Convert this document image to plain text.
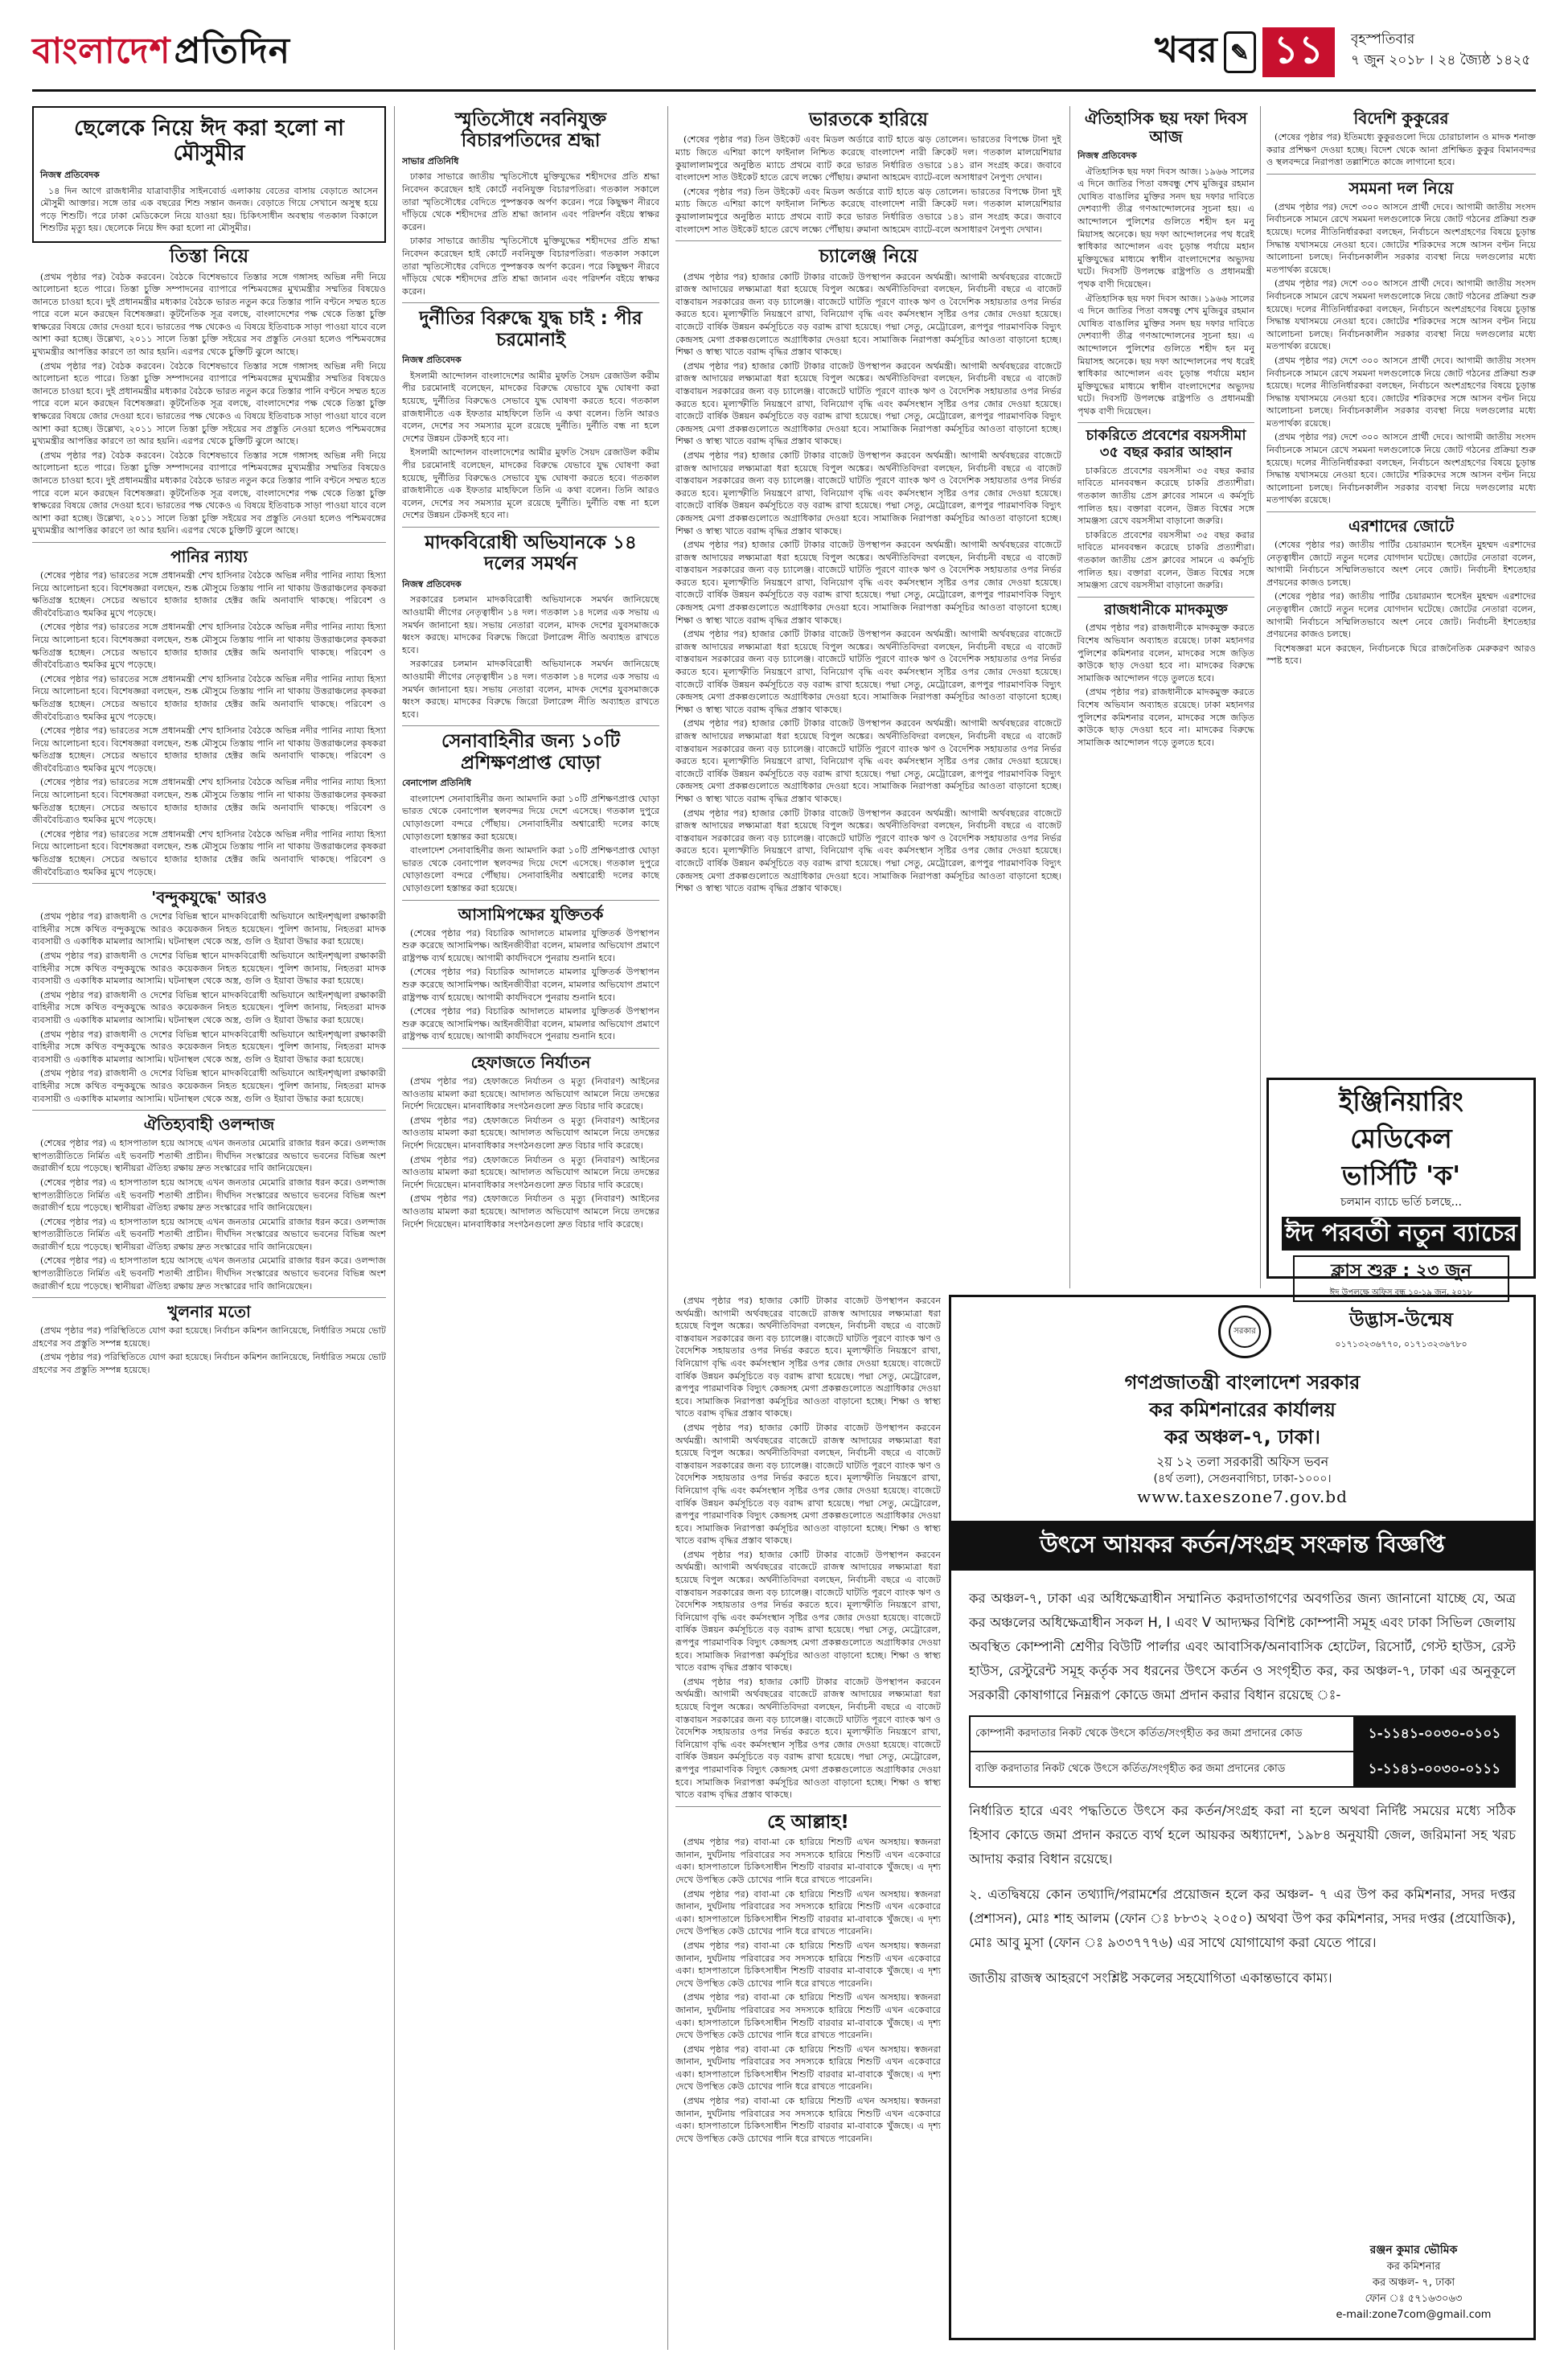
বাংলাদেশপ্রতিদিন	খবর ✎ ১১	বৃহস্পতিবার
৭ জুন ২০১৮ । ২৪ জ্যৈষ্ঠ ১৪২৫
ছেলেকে নিয়ে ঈদ করা হলো না মৌসুমীর
নিজস্ব প্রতিবেদক

১৪ দিন আগে রাজধানীর যাত্রাবাড়ীর সাইনবোর্ড এলাকায় বেতের বাসায় বেড়াতে আসেন মৌসুমী আক্তার। সঙ্গে তার এক বছরের শিশু সন্তান জনজ। বেড়াতে গিয়ে সেখানে অসুস্থ হয়ে পড়ে শিশুটি। পরে ঢাকা মেডিকেলে নিয়ে যাওয়া হয়। চিকিৎসাধীন অবস্থায় গতকাল বিকালে শিশুটির মৃত্যু হয়। ছেলেকে নিয়ে ঈদ করা হলো না মৌসুমীর।

তিস্তা নিয়ে

(প্রথম পৃষ্ঠার পর) বৈঠক করবেন। বৈঠকে বিশেষভাবে তিস্তার সঙ্গে গঙ্গাসহ অভিন্ন নদী নিয়ে আলোচনা হতে পারে। তিস্তা চুক্তি সম্পাদনের ব্যাপারে পশ্চিমবঙ্গের মুখ্যমন্ত্রীর সম্মতির বিষয়েও জানতে চাওয়া হবে। দুই প্রধানমন্ত্রীর মধ্যকার বৈঠকে ভারত নতুন করে তিস্তার পানি বণ্টনে সম্মত হতে পারে বলে মনে করছেন বিশেষজ্ঞরা। কূটনৈতিক সূত্র বলছে, বাংলাদেশের পক্ষ থেকে তিস্তা চুক্তি স্বাক্ষরের বিষয়ে জোর দেওয়া হবে। ভারতের পক্ষ থেকেও এ বিষয়ে ইতিবাচক সাড়া পাওয়া যাবে বলে আশা করা হচ্ছে। উল্লেখ্য, ২০১১ সালে তিস্তা চুক্তি সইয়ের সব প্রস্তুতি নেওয়া হলেও পশ্চিমবঙ্গের মুখ্যমন্ত্রীর আপত্তির কারণে তা আর হয়নি। এরপর থেকে চুক্তিটি ঝুলে আছে।

(প্রথম পৃষ্ঠার পর) বৈঠক করবেন। বৈঠকে বিশেষভাবে তিস্তার সঙ্গে গঙ্গাসহ অভিন্ন নদী নিয়ে আলোচনা হতে পারে। তিস্তা চুক্তি সম্পাদনের ব্যাপারে পশ্চিমবঙ্গের মুখ্যমন্ত্রীর সম্মতির বিষয়েও জানতে চাওয়া হবে। দুই প্রধানমন্ত্রীর মধ্যকার বৈঠকে ভারত নতুন করে তিস্তার পানি বণ্টনে সম্মত হতে পারে বলে মনে করছেন বিশেষজ্ঞরা। কূটনৈতিক সূত্র বলছে, বাংলাদেশের পক্ষ থেকে তিস্তা চুক্তি স্বাক্ষরের বিষয়ে জোর দেওয়া হবে। ভারতের পক্ষ থেকেও এ বিষয়ে ইতিবাচক সাড়া পাওয়া যাবে বলে আশা করা হচ্ছে। উল্লেখ্য, ২০১১ সালে তিস্তা চুক্তি সইয়ের সব প্রস্তুতি নেওয়া হলেও পশ্চিমবঙ্গের মুখ্যমন্ত্রীর আপত্তির কারণে তা আর হয়নি। এরপর থেকে চুক্তিটি ঝুলে আছে।

(প্রথম পৃষ্ঠার পর) বৈঠক করবেন। বৈঠকে বিশেষভাবে তিস্তার সঙ্গে গঙ্গাসহ অভিন্ন নদী নিয়ে আলোচনা হতে পারে। তিস্তা চুক্তি সম্পাদনের ব্যাপারে পশ্চিমবঙ্গের মুখ্যমন্ত্রীর সম্মতির বিষয়েও জানতে চাওয়া হবে। দুই প্রধানমন্ত্রীর মধ্যকার বৈঠকে ভারত নতুন করে তিস্তার পানি বণ্টনে সম্মত হতে পারে বলে মনে করছেন বিশেষজ্ঞরা। কূটনৈতিক সূত্র বলছে, বাংলাদেশের পক্ষ থেকে তিস্তা চুক্তি স্বাক্ষরের বিষয়ে জোর দেওয়া হবে। ভারতের পক্ষ থেকেও এ বিষয়ে ইতিবাচক সাড়া পাওয়া যাবে বলে আশা করা হচ্ছে। উল্লেখ্য, ২০১১ সালে তিস্তা চুক্তি সইয়ের সব প্রস্তুতি নেওয়া হলেও পশ্চিমবঙ্গের মুখ্যমন্ত্রীর আপত্তির কারণে তা আর হয়নি। এরপর থেকে চুক্তিটি ঝুলে আছে।

পানির ন্যায্য

(শেষের পৃষ্ঠার পর) ভারতের সঙ্গে প্রধানমন্ত্রী শেখ হাসিনার বৈঠকে অভিন্ন নদীর পানির ন্যায্য হিস্যা নিয়ে আলোচনা হবে। বিশেষজ্ঞরা বলছেন, শুষ্ক মৌসুমে তিস্তায় পানি না থাকায় উত্তরাঞ্চলের কৃষকরা ক্ষতিগ্রস্ত হচ্ছেন। সেচের অভাবে হাজার হাজার হেক্টর জমি অনাবাদি থাকছে। পরিবেশ ও জীববৈচিত্র্যও হুমকির মুখে পড়েছে।

(শেষের পৃষ্ঠার পর) ভারতের সঙ্গে প্রধানমন্ত্রী শেখ হাসিনার বৈঠকে অভিন্ন নদীর পানির ন্যায্য হিস্যা নিয়ে আলোচনা হবে। বিশেষজ্ঞরা বলছেন, শুষ্ক মৌসুমে তিস্তায় পানি না থাকায় উত্তরাঞ্চলের কৃষকরা ক্ষতিগ্রস্ত হচ্ছেন। সেচের অভাবে হাজার হাজার হেক্টর জমি অনাবাদি থাকছে। পরিবেশ ও জীববৈচিত্র্যও হুমকির মুখে পড়েছে।

(শেষের পৃষ্ঠার পর) ভারতের সঙ্গে প্রধানমন্ত্রী শেখ হাসিনার বৈঠকে অভিন্ন নদীর পানির ন্যায্য হিস্যা নিয়ে আলোচনা হবে। বিশেষজ্ঞরা বলছেন, শুষ্ক মৌসুমে তিস্তায় পানি না থাকায় উত্তরাঞ্চলের কৃষকরা ক্ষতিগ্রস্ত হচ্ছেন। সেচের অভাবে হাজার হাজার হেক্টর জমি অনাবাদি থাকছে। পরিবেশ ও জীববৈচিত্র্যও হুমকির মুখে পড়েছে।

(শেষের পৃষ্ঠার পর) ভারতের সঙ্গে প্রধানমন্ত্রী শেখ হাসিনার বৈঠকে অভিন্ন নদীর পানির ন্যায্য হিস্যা নিয়ে আলোচনা হবে। বিশেষজ্ঞরা বলছেন, শুষ্ক মৌসুমে তিস্তায় পানি না থাকায় উত্তরাঞ্চলের কৃষকরা ক্ষতিগ্রস্ত হচ্ছেন। সেচের অভাবে হাজার হাজার হেক্টর জমি অনাবাদি থাকছে। পরিবেশ ও জীববৈচিত্র্যও হুমকির মুখে পড়েছে।

(শেষের পৃষ্ঠার পর) ভারতের সঙ্গে প্রধানমন্ত্রী শেখ হাসিনার বৈঠকে অভিন্ন নদীর পানির ন্যায্য হিস্যা নিয়ে আলোচনা হবে। বিশেষজ্ঞরা বলছেন, শুষ্ক মৌসুমে তিস্তায় পানি না থাকায় উত্তরাঞ্চলের কৃষকরা ক্ষতিগ্রস্ত হচ্ছেন। সেচের অভাবে হাজার হাজার হেক্টর জমি অনাবাদি থাকছে। পরিবেশ ও জীববৈচিত্র্যও হুমকির মুখে পড়েছে।

(শেষের পৃষ্ঠার পর) ভারতের সঙ্গে প্রধানমন্ত্রী শেখ হাসিনার বৈঠকে অভিন্ন নদীর পানির ন্যায্য হিস্যা নিয়ে আলোচনা হবে। বিশেষজ্ঞরা বলছেন, শুষ্ক মৌসুমে তিস্তায় পানি না থাকায় উত্তরাঞ্চলের কৃষকরা ক্ষতিগ্রস্ত হচ্ছেন। সেচের অভাবে হাজার হাজার হেক্টর জমি অনাবাদি থাকছে। পরিবেশ ও জীববৈচিত্র্যও হুমকির মুখে পড়েছে।

'বন্দুকযুদ্ধে' আরও

(প্রথম পৃষ্ঠার পর) রাজধানী ও দেশের বিভিন্ন স্থানে মাদকবিরোধী অভিযানে আইনশৃঙ্খলা রক্ষাকারী বাহিনীর সঙ্গে কথিত বন্দুকযুদ্ধে আরও কয়েকজন নিহত হয়েছেন। পুলিশ জানায়, নিহতরা মাদক ব্যবসায়ী ও একাধিক মামলার আসামি। ঘটনাস্থল থেকে অস্ত্র, গুলি ও ইয়াবা উদ্ধার করা হয়েছে।

(প্রথম পৃষ্ঠার পর) রাজধানী ও দেশের বিভিন্ন স্থানে মাদকবিরোধী অভিযানে আইনশৃঙ্খলা রক্ষাকারী বাহিনীর সঙ্গে কথিত বন্দুকযুদ্ধে আরও কয়েকজন নিহত হয়েছেন। পুলিশ জানায়, নিহতরা মাদক ব্যবসায়ী ও একাধিক মামলার আসামি। ঘটনাস্থল থেকে অস্ত্র, গুলি ও ইয়াবা উদ্ধার করা হয়েছে।

(প্রথম পৃষ্ঠার পর) রাজধানী ও দেশের বিভিন্ন স্থানে মাদকবিরোধী অভিযানে আইনশৃঙ্খলা রক্ষাকারী বাহিনীর সঙ্গে কথিত বন্দুকযুদ্ধে আরও কয়েকজন নিহত হয়েছেন। পুলিশ জানায়, নিহতরা মাদক ব্যবসায়ী ও একাধিক মামলার আসামি। ঘটনাস্থল থেকে অস্ত্র, গুলি ও ইয়াবা উদ্ধার করা হয়েছে।

(প্রথম পৃষ্ঠার পর) রাজধানী ও দেশের বিভিন্ন স্থানে মাদকবিরোধী অভিযানে আইনশৃঙ্খলা রক্ষাকারী বাহিনীর সঙ্গে কথিত বন্দুকযুদ্ধে আরও কয়েকজন নিহত হয়েছেন। পুলিশ জানায়, নিহতরা মাদক ব্যবসায়ী ও একাধিক মামলার আসামি। ঘটনাস্থল থেকে অস্ত্র, গুলি ও ইয়াবা উদ্ধার করা হয়েছে।

(প্রথম পৃষ্ঠার পর) রাজধানী ও দেশের বিভিন্ন স্থানে মাদকবিরোধী অভিযানে আইনশৃঙ্খলা রক্ষাকারী বাহিনীর সঙ্গে কথিত বন্দুকযুদ্ধে আরও কয়েকজন নিহত হয়েছেন। পুলিশ জানায়, নিহতরা মাদক ব্যবসায়ী ও একাধিক মামলার আসামি। ঘটনাস্থল থেকে অস্ত্র, গুলি ও ইয়াবা উদ্ধার করা হয়েছে।

ঐতিহ্যবাহী ওলন্দাজ

(শেষের পৃষ্ঠার পর) এ হাসপাতাল হয়ে আসছে এখন জনতার মেমোরি রাজার ধরন করে। ওলন্দাজ স্থাপত্যরীতিতে নির্মিত এই ভবনটি শতাব্দী প্রাচীন। দীর্ঘদিন সংস্কারের অভাবে ভবনের বিভিন্ন অংশ জরাজীর্ণ হয়ে পড়েছে। স্থানীয়রা ঐতিহ্য রক্ষায় দ্রুত সংস্কারের দাবি জানিয়েছেন।

(শেষের পৃষ্ঠার পর) এ হাসপাতাল হয়ে আসছে এখন জনতার মেমোরি রাজার ধরন করে। ওলন্দাজ স্থাপত্যরীতিতে নির্মিত এই ভবনটি শতাব্দী প্রাচীন। দীর্ঘদিন সংস্কারের অভাবে ভবনের বিভিন্ন অংশ জরাজীর্ণ হয়ে পড়েছে। স্থানীয়রা ঐতিহ্য রক্ষায় দ্রুত সংস্কারের দাবি জানিয়েছেন।

(শেষের পৃষ্ঠার পর) এ হাসপাতাল হয়ে আসছে এখন জনতার মেমোরি রাজার ধরন করে। ওলন্দাজ স্থাপত্যরীতিতে নির্মিত এই ভবনটি শতাব্দী প্রাচীন। দীর্ঘদিন সংস্কারের অভাবে ভবনের বিভিন্ন অংশ জরাজীর্ণ হয়ে পড়েছে। স্থানীয়রা ঐতিহ্য রক্ষায় দ্রুত সংস্কারের দাবি জানিয়েছেন।

(শেষের পৃষ্ঠার পর) এ হাসপাতাল হয়ে আসছে এখন জনতার মেমোরি রাজার ধরন করে। ওলন্দাজ স্থাপত্যরীতিতে নির্মিত এই ভবনটি শতাব্দী প্রাচীন। দীর্ঘদিন সংস্কারের অভাবে ভবনের বিভিন্ন অংশ জরাজীর্ণ হয়ে পড়েছে। স্থানীয়রা ঐতিহ্য রক্ষায় দ্রুত সংস্কারের দাবি জানিয়েছেন।

খুলনার মতো

(প্রথম পৃষ্ঠার পর) পরিস্থিতিতে যোগ করা হয়েছে। নির্বাচন কমিশন জানিয়েছে, নির্ধারিত সময়ে ভোট গ্রহণের সব প্রস্তুতি সম্পন্ন হয়েছে।

(প্রথম পৃষ্ঠার পর) পরিস্থিতিতে যোগ করা হয়েছে। নির্বাচন কমিশন জানিয়েছে, নির্ধারিত সময়ে ভোট গ্রহণের সব প্রস্তুতি সম্পন্ন হয়েছে।

স্মৃতিসৌধে নবনিযুক্ত বিচারপতিদের শ্রদ্ধা
সাভার প্রতিনিধি

ঢাকার সাভারে জাতীয় স্মৃতিসৌধে মুক্তিযুদ্ধের শহীদদের প্রতি শ্রদ্ধা নিবেদন করেছেন হাই কোর্টে নবনিযুক্ত বিচারপতিরা। গতকাল সকালে তারা স্মৃতিসৌধের বেদিতে পুষ্পস্তবক অর্পণ করেন। পরে কিছুক্ষণ নীরবে দাঁড়িয়ে থেকে শহীদদের প্রতি শ্রদ্ধা জানান এবং পরিদর্শন বইয়ে স্বাক্ষর করেন।

ঢাকার সাভারে জাতীয় স্মৃতিসৌধে মুক্তিযুদ্ধের শহীদদের প্রতি শ্রদ্ধা নিবেদন করেছেন হাই কোর্টে নবনিযুক্ত বিচারপতিরা। গতকাল সকালে তারা স্মৃতিসৌধের বেদিতে পুষ্পস্তবক অর্পণ করেন। পরে কিছুক্ষণ নীরবে দাঁড়িয়ে থেকে শহীদদের প্রতি শ্রদ্ধা জানান এবং পরিদর্শন বইয়ে স্বাক্ষর করেন।

দুর্নীতির বিরুদ্ধে যুদ্ধ চাই : পীর চরমোনাই
নিজস্ব প্রতিবেদক

ইসলামী আন্দোলন বাংলাদেশের আমীর মুফতি সৈয়দ রেজাউল করীম পীর চরমোনাই বলেছেন, মাদকের বিরুদ্ধে যেভাবে যুদ্ধ ঘোষণা করা হয়েছে, দুর্নীতির বিরুদ্ধেও সেভাবে যুদ্ধ ঘোষণা করতে হবে। গতকাল রাজধানীতে এক ইফতার মাহফিলে তিনি এ কথা বলেন। তিনি আরও বলেন, দেশের সব সমস্যার মূলে রয়েছে দুর্নীতি। দুর্নীতি বন্ধ না হলে দেশের উন্নয়ন টেকসই হবে না।

ইসলামী আন্দোলন বাংলাদেশের আমীর মুফতি সৈয়দ রেজাউল করীম পীর চরমোনাই বলেছেন, মাদকের বিরুদ্ধে যেভাবে যুদ্ধ ঘোষণা করা হয়েছে, দুর্নীতির বিরুদ্ধেও সেভাবে যুদ্ধ ঘোষণা করতে হবে। গতকাল রাজধানীতে এক ইফতার মাহফিলে তিনি এ কথা বলেন। তিনি আরও বলেন, দেশের সব সমস্যার মূলে রয়েছে দুর্নীতি। দুর্নীতি বন্ধ না হলে দেশের উন্নয়ন টেকসই হবে না।

মাদকবিরোধী অভিযানকে ১৪ দলের সমর্থন
নিজস্ব প্রতিবেদক

সরকারের চলমান মাদকবিরোধী অভিযানকে সমর্থন জানিয়েছে আওয়ামী লীগের নেতৃত্বাধীন ১৪ দল। গতকাল ১৪ দলের এক সভায় এ সমর্থন জানানো হয়। সভায় নেতারা বলেন, মাদক দেশের যুবসমাজকে ধ্বংস করছে। মাদকের বিরুদ্ধে জিরো টলারেন্স নীতি অব্যাহত রাখতে হবে।

সরকারের চলমান মাদকবিরোধী অভিযানকে সমর্থন জানিয়েছে আওয়ামী লীগের নেতৃত্বাধীন ১৪ দল। গতকাল ১৪ দলের এক সভায় এ সমর্থন জানানো হয়। সভায় নেতারা বলেন, মাদক দেশের যুবসমাজকে ধ্বংস করছে। মাদকের বিরুদ্ধে জিরো টলারেন্স নীতি অব্যাহত রাখতে হবে।

সেনাবাহিনীর জন্য ১০টি প্রশিক্ষণপ্রাপ্ত ঘোড়া
বেনাপোল প্রতিনিধি

বাংলাদেশ সেনাবাহিনীর জন্য আমদানি করা ১০টি প্রশিক্ষণপ্রাপ্ত ঘোড়া ভারত থেকে বেনাপোল স্থলবন্দর দিয়ে দেশে এসেছে। গতকাল দুপুরে ঘোড়াগুলো বন্দরে পৌঁছায়। সেনাবাহিনীর অশ্বারোহী দলের কাছে ঘোড়াগুলো হস্তান্তর করা হয়েছে।

বাংলাদেশ সেনাবাহিনীর জন্য আমদানি করা ১০টি প্রশিক্ষণপ্রাপ্ত ঘোড়া ভারত থেকে বেনাপোল স্থলবন্দর দিয়ে দেশে এসেছে। গতকাল দুপুরে ঘোড়াগুলো বন্দরে পৌঁছায়। সেনাবাহিনীর অশ্বারোহী দলের কাছে ঘোড়াগুলো হস্তান্তর করা হয়েছে।

আসামিপক্ষের যুক্তিতর্ক

(শেষের পৃষ্ঠার পর) বিচারিক আদালতে মামলার যুক্তিতর্ক উপস্থাপন শুরু করেছে আসামিপক্ষ। আইনজীবীরা বলেন, মামলার অভিযোগ প্রমাণে রাষ্ট্রপক্ষ ব্যর্থ হয়েছে। আগামী কার্যদিবসে পুনরায় শুনানি হবে।

(শেষের পৃষ্ঠার পর) বিচারিক আদালতে মামলার যুক্তিতর্ক উপস্থাপন শুরু করেছে আসামিপক্ষ। আইনজীবীরা বলেন, মামলার অভিযোগ প্রমাণে রাষ্ট্রপক্ষ ব্যর্থ হয়েছে। আগামী কার্যদিবসে পুনরায় শুনানি হবে।

(শেষের পৃষ্ঠার পর) বিচারিক আদালতে মামলার যুক্তিতর্ক উপস্থাপন শুরু করেছে আসামিপক্ষ। আইনজীবীরা বলেন, মামলার অভিযোগ প্রমাণে রাষ্ট্রপক্ষ ব্যর্থ হয়েছে। আগামী কার্যদিবসে পুনরায় শুনানি হবে।

হেফাজতে নির্যাতন

(প্রথম পৃষ্ঠার পর) হেফাজতে নির্যাতন ও মৃত্যু (নিবারণ) আইনের আওতায় মামলা করা হয়েছে। আদালত অভিযোগ আমলে নিয়ে তদন্তের নির্দেশ দিয়েছেন। মানবাধিকার সংগঠনগুলো দ্রুত বিচার দাবি করেছে।

(প্রথম পৃষ্ঠার পর) হেফাজতে নির্যাতন ও মৃত্যু (নিবারণ) আইনের আওতায় মামলা করা হয়েছে। আদালত অভিযোগ আমলে নিয়ে তদন্তের নির্দেশ দিয়েছেন। মানবাধিকার সংগঠনগুলো দ্রুত বিচার দাবি করেছে।

(প্রথম পৃষ্ঠার পর) হেফাজতে নির্যাতন ও মৃত্যু (নিবারণ) আইনের আওতায় মামলা করা হয়েছে। আদালত অভিযোগ আমলে নিয়ে তদন্তের নির্দেশ দিয়েছেন। মানবাধিকার সংগঠনগুলো দ্রুত বিচার দাবি করেছে।

(প্রথম পৃষ্ঠার পর) হেফাজতে নির্যাতন ও মৃত্যু (নিবারণ) আইনের আওতায় মামলা করা হয়েছে। আদালত অভিযোগ আমলে নিয়ে তদন্তের নির্দেশ দিয়েছেন। মানবাধিকার সংগঠনগুলো দ্রুত বিচার দাবি করেছে।

ভারতকে হারিয়ে

(শেষের পৃষ্ঠার পর) তিন উইকেট এবং মিডল অর্ডারে ব্যাট হাতে ঝড় তোলেন। ভারতের বিপক্ষে টানা দুই ম্যাচ জিতে এশিয়া কাপে ফাইনাল নিশ্চিত করেছে বাংলাদেশ নারী ক্রিকেট দল। গতকাল মালয়েশিয়ার কুয়ালালামপুরে অনুষ্ঠিত ম্যাচে প্রথমে ব্যাট করে ভারত নির্ধারিত ওভারে ১৪১ রান সংগ্রহ করে। জবাবে বাংলাদেশ সাত উইকেট হাতে রেখে লক্ষ্যে পৌঁছায়। রুমানা আহমেদ ব্যাটে-বলে অসাধারণ নৈপুণ্য দেখান।

(শেষের পৃষ্ঠার পর) তিন উইকেট এবং মিডল অর্ডারে ব্যাট হাতে ঝড় তোলেন। ভারতের বিপক্ষে টানা দুই ম্যাচ জিতে এশিয়া কাপে ফাইনাল নিশ্চিত করেছে বাংলাদেশ নারী ক্রিকেট দল। গতকাল মালয়েশিয়ার কুয়ালালামপুরে অনুষ্ঠিত ম্যাচে প্রথমে ব্যাট করে ভারত নির্ধারিত ওভারে ১৪১ রান সংগ্রহ করে। জবাবে বাংলাদেশ সাত উইকেট হাতে রেখে লক্ষ্যে পৌঁছায়। রুমানা আহমেদ ব্যাটে-বলে অসাধারণ নৈপুণ্য দেখান।

চ্যালেঞ্জ নিয়ে

(প্রথম পৃষ্ঠার পর) হাজার কোটি টাকার বাজেট উপস্থাপন করবেন অর্থমন্ত্রী। আগামী অর্থবছরের বাজেটে রাজস্ব আদায়ের লক্ষ্যমাত্রা ধরা হয়েছে বিপুল অঙ্কের। অর্থনীতিবিদরা বলছেন, নির্বাচনী বছরে এ বাজেট বাস্তবায়ন সরকারের জন্য বড় চ্যালেঞ্জ। বাজেটে ঘাটতি পূরণে ব্যাংক ঋণ ও বৈদেশিক সহায়তার ওপর নির্ভর করতে হবে। মূল্যস্ফীতি নিয়ন্ত্রণে রাখা, বিনিয়োগ বৃদ্ধি এবং কর্মসংস্থান সৃষ্টির ওপর জোর দেওয়া হয়েছে। বাজেটে বার্ষিক উন্নয়ন কর্মসূচিতে বড় বরাদ্দ রাখা হয়েছে। পদ্মা সেতু, মেট্রোরেল, রূপপুর পারমাণবিক বিদ্যুৎ কেন্দ্রসহ মেগা প্রকল্পগুলোতে অগ্রাধিকার দেওয়া হবে। সামাজিক নিরাপত্তা কর্মসূচির আওতা বাড়ানো হচ্ছে। শিক্ষা ও স্বাস্থ্য খাতে বরাদ্দ বৃদ্ধির প্রস্তাব থাকছে।

(প্রথম পৃষ্ঠার পর) হাজার কোটি টাকার বাজেট উপস্থাপন করবেন অর্থমন্ত্রী। আগামী অর্থবছরের বাজেটে রাজস্ব আদায়ের লক্ষ্যমাত্রা ধরা হয়েছে বিপুল অঙ্কের। অর্থনীতিবিদরা বলছেন, নির্বাচনী বছরে এ বাজেট বাস্তবায়ন সরকারের জন্য বড় চ্যালেঞ্জ। বাজেটে ঘাটতি পূরণে ব্যাংক ঋণ ও বৈদেশিক সহায়তার ওপর নির্ভর করতে হবে। মূল্যস্ফীতি নিয়ন্ত্রণে রাখা, বিনিয়োগ বৃদ্ধি এবং কর্মসংস্থান সৃষ্টির ওপর জোর দেওয়া হয়েছে। বাজেটে বার্ষিক উন্নয়ন কর্মসূচিতে বড় বরাদ্দ রাখা হয়েছে। পদ্মা সেতু, মেট্রোরেল, রূপপুর পারমাণবিক বিদ্যুৎ কেন্দ্রসহ মেগা প্রকল্পগুলোতে অগ্রাধিকার দেওয়া হবে। সামাজিক নিরাপত্তা কর্মসূচির আওতা বাড়ানো হচ্ছে। শিক্ষা ও স্বাস্থ্য খাতে বরাদ্দ বৃদ্ধির প্রস্তাব থাকছে।

(প্রথম পৃষ্ঠার পর) হাজার কোটি টাকার বাজেট উপস্থাপন করবেন অর্থমন্ত্রী। আগামী অর্থবছরের বাজেটে রাজস্ব আদায়ের লক্ষ্যমাত্রা ধরা হয়েছে বিপুল অঙ্কের। অর্থনীতিবিদরা বলছেন, নির্বাচনী বছরে এ বাজেট বাস্তবায়ন সরকারের জন্য বড় চ্যালেঞ্জ। বাজেটে ঘাটতি পূরণে ব্যাংক ঋণ ও বৈদেশিক সহায়তার ওপর নির্ভর করতে হবে। মূল্যস্ফীতি নিয়ন্ত্রণে রাখা, বিনিয়োগ বৃদ্ধি এবং কর্মসংস্থান সৃষ্টির ওপর জোর দেওয়া হয়েছে। বাজেটে বার্ষিক উন্নয়ন কর্মসূচিতে বড় বরাদ্দ রাখা হয়েছে। পদ্মা সেতু, মেট্রোরেল, রূপপুর পারমাণবিক বিদ্যুৎ কেন্দ্রসহ মেগা প্রকল্পগুলোতে অগ্রাধিকার দেওয়া হবে। সামাজিক নিরাপত্তা কর্মসূচির আওতা বাড়ানো হচ্ছে। শিক্ষা ও স্বাস্থ্য খাতে বরাদ্দ বৃদ্ধির প্রস্তাব থাকছে।

(প্রথম পৃষ্ঠার পর) হাজার কোটি টাকার বাজেট উপস্থাপন করবেন অর্থমন্ত্রী। আগামী অর্থবছরের বাজেটে রাজস্ব আদায়ের লক্ষ্যমাত্রা ধরা হয়েছে বিপুল অঙ্কের। অর্থনীতিবিদরা বলছেন, নির্বাচনী বছরে এ বাজেট বাস্তবায়ন সরকারের জন্য বড় চ্যালেঞ্জ। বাজেটে ঘাটতি পূরণে ব্যাংক ঋণ ও বৈদেশিক সহায়তার ওপর নির্ভর করতে হবে। মূল্যস্ফীতি নিয়ন্ত্রণে রাখা, বিনিয়োগ বৃদ্ধি এবং কর্মসংস্থান সৃষ্টির ওপর জোর দেওয়া হয়েছে। বাজেটে বার্ষিক উন্নয়ন কর্মসূচিতে বড় বরাদ্দ রাখা হয়েছে। পদ্মা সেতু, মেট্রোরেল, রূপপুর পারমাণবিক বিদ্যুৎ কেন্দ্রসহ মেগা প্রকল্পগুলোতে অগ্রাধিকার দেওয়া হবে। সামাজিক নিরাপত্তা কর্মসূচির আওতা বাড়ানো হচ্ছে। শিক্ষা ও স্বাস্থ্য খাতে বরাদ্দ বৃদ্ধির প্রস্তাব থাকছে।

(প্রথম পৃষ্ঠার পর) হাজার কোটি টাকার বাজেট উপস্থাপন করবেন অর্থমন্ত্রী। আগামী অর্থবছরের বাজেটে রাজস্ব আদায়ের লক্ষ্যমাত্রা ধরা হয়েছে বিপুল অঙ্কের। অর্থনীতিবিদরা বলছেন, নির্বাচনী বছরে এ বাজেট বাস্তবায়ন সরকারের জন্য বড় চ্যালেঞ্জ। বাজেটে ঘাটতি পূরণে ব্যাংক ঋণ ও বৈদেশিক সহায়তার ওপর নির্ভর করতে হবে। মূল্যস্ফীতি নিয়ন্ত্রণে রাখা, বিনিয়োগ বৃদ্ধি এবং কর্মসংস্থান সৃষ্টির ওপর জোর দেওয়া হয়েছে। বাজেটে বার্ষিক উন্নয়ন কর্মসূচিতে বড় বরাদ্দ রাখা হয়েছে। পদ্মা সেতু, মেট্রোরেল, রূপপুর পারমাণবিক বিদ্যুৎ কেন্দ্রসহ মেগা প্রকল্পগুলোতে অগ্রাধিকার দেওয়া হবে। সামাজিক নিরাপত্তা কর্মসূচির আওতা বাড়ানো হচ্ছে। শিক্ষা ও স্বাস্থ্য খাতে বরাদ্দ বৃদ্ধির প্রস্তাব থাকছে।

(প্রথম পৃষ্ঠার পর) হাজার কোটি টাকার বাজেট উপস্থাপন করবেন অর্থমন্ত্রী। আগামী অর্থবছরের বাজেটে রাজস্ব আদায়ের লক্ষ্যমাত্রা ধরা হয়েছে বিপুল অঙ্কের। অর্থনীতিবিদরা বলছেন, নির্বাচনী বছরে এ বাজেট বাস্তবায়ন সরকারের জন্য বড় চ্যালেঞ্জ। বাজেটে ঘাটতি পূরণে ব্যাংক ঋণ ও বৈদেশিক সহায়তার ওপর নির্ভর করতে হবে। মূল্যস্ফীতি নিয়ন্ত্রণে রাখা, বিনিয়োগ বৃদ্ধি এবং কর্মসংস্থান সৃষ্টির ওপর জোর দেওয়া হয়েছে। বাজেটে বার্ষিক উন্নয়ন কর্মসূচিতে বড় বরাদ্দ রাখা হয়েছে। পদ্মা সেতু, মেট্রোরেল, রূপপুর পারমাণবিক বিদ্যুৎ কেন্দ্রসহ মেগা প্রকল্পগুলোতে অগ্রাধিকার দেওয়া হবে। সামাজিক নিরাপত্তা কর্মসূচির আওতা বাড়ানো হচ্ছে। শিক্ষা ও স্বাস্থ্য খাতে বরাদ্দ বৃদ্ধির প্রস্তাব থাকছে।

(প্রথম পৃষ্ঠার পর) হাজার কোটি টাকার বাজেট উপস্থাপন করবেন অর্থমন্ত্রী। আগামী অর্থবছরের বাজেটে রাজস্ব আদায়ের লক্ষ্যমাত্রা ধরা হয়েছে বিপুল অঙ্কের। অর্থনীতিবিদরা বলছেন, নির্বাচনী বছরে এ বাজেট বাস্তবায়ন সরকারের জন্য বড় চ্যালেঞ্জ। বাজেটে ঘাটতি পূরণে ব্যাংক ঋণ ও বৈদেশিক সহায়তার ওপর নির্ভর করতে হবে। মূল্যস্ফীতি নিয়ন্ত্রণে রাখা, বিনিয়োগ বৃদ্ধি এবং কর্মসংস্থান সৃষ্টির ওপর জোর দেওয়া হয়েছে। বাজেটে বার্ষিক উন্নয়ন কর্মসূচিতে বড় বরাদ্দ রাখা হয়েছে। পদ্মা সেতু, মেট্রোরেল, রূপপুর পারমাণবিক বিদ্যুৎ কেন্দ্রসহ মেগা প্রকল্পগুলোতে অগ্রাধিকার দেওয়া হবে। সামাজিক নিরাপত্তা কর্মসূচির আওতা বাড়ানো হচ্ছে। শিক্ষা ও স্বাস্থ্য খাতে বরাদ্দ বৃদ্ধির প্রস্তাব থাকছে।

(প্রথম পৃষ্ঠার পর) হাজার কোটি টাকার বাজেট উপস্থাপন করবেন অর্থমন্ত্রী। আগামী অর্থবছরের বাজেটে রাজস্ব আদায়ের লক্ষ্যমাত্রা ধরা হয়েছে বিপুল অঙ্কের। অর্থনীতিবিদরা বলছেন, নির্বাচনী বছরে এ বাজেট বাস্তবায়ন সরকারের জন্য বড় চ্যালেঞ্জ। বাজেটে ঘাটতি পূরণে ব্যাংক ঋণ ও বৈদেশিক সহায়তার ওপর নির্ভর করতে হবে। মূল্যস্ফীতি নিয়ন্ত্রণে রাখা, বিনিয়োগ বৃদ্ধি এবং কর্মসংস্থান সৃষ্টির ওপর জোর দেওয়া হয়েছে। বাজেটে বার্ষিক উন্নয়ন কর্মসূচিতে বড় বরাদ্দ রাখা হয়েছে। পদ্মা সেতু, মেট্রোরেল, রূপপুর পারমাণবিক বিদ্যুৎ কেন্দ্রসহ মেগা প্রকল্পগুলোতে অগ্রাধিকার দেওয়া হবে। সামাজিক নিরাপত্তা কর্মসূচির আওতা বাড়ানো হচ্ছে। শিক্ষা ও স্বাস্থ্য খাতে বরাদ্দ বৃদ্ধির প্রস্তাব থাকছে।

(প্রথম পৃষ্ঠার পর) হাজার কোটি টাকার বাজেট উপস্থাপন করবেন অর্থমন্ত্রী। আগামী অর্থবছরের বাজেটে রাজস্ব আদায়ের লক্ষ্যমাত্রা ধরা হয়েছে বিপুল অঙ্কের। অর্থনীতিবিদরা বলছেন, নির্বাচনী বছরে এ বাজেট বাস্তবায়ন সরকারের জন্য বড় চ্যালেঞ্জ। বাজেটে ঘাটতি পূরণে ব্যাংক ঋণ ও বৈদেশিক সহায়তার ওপর নির্ভর করতে হবে। মূল্যস্ফীতি নিয়ন্ত্রণে রাখা, বিনিয়োগ বৃদ্ধি এবং কর্মসংস্থান সৃষ্টির ওপর জোর দেওয়া হয়েছে। বাজেটে বার্ষিক উন্নয়ন কর্মসূচিতে বড় বরাদ্দ রাখা হয়েছে। পদ্মা সেতু, মেট্রোরেল, রূপপুর পারমাণবিক বিদ্যুৎ কেন্দ্রসহ মেগা প্রকল্পগুলোতে অগ্রাধিকার দেওয়া হবে। সামাজিক নিরাপত্তা কর্মসূচির আওতা বাড়ানো হচ্ছে। শিক্ষা ও স্বাস্থ্য খাতে বরাদ্দ বৃদ্ধির প্রস্তাব থাকছে।

(প্রথম পৃষ্ঠার পর) হাজার কোটি টাকার বাজেট উপস্থাপন করবেন অর্থমন্ত্রী। আগামী অর্থবছরের বাজেটে রাজস্ব আদায়ের লক্ষ্যমাত্রা ধরা হয়েছে বিপুল অঙ্কের। অর্থনীতিবিদরা বলছেন, নির্বাচনী বছরে এ বাজেট বাস্তবায়ন সরকারের জন্য বড় চ্যালেঞ্জ। বাজেটে ঘাটতি পূরণে ব্যাংক ঋণ ও বৈদেশিক সহায়তার ওপর নির্ভর করতে হবে। মূল্যস্ফীতি নিয়ন্ত্রণে রাখা, বিনিয়োগ বৃদ্ধি এবং কর্মসংস্থান সৃষ্টির ওপর জোর দেওয়া হয়েছে। বাজেটে বার্ষিক উন্নয়ন কর্মসূচিতে বড় বরাদ্দ রাখা হয়েছে। পদ্মা সেতু, মেট্রোরেল, রূপপুর পারমাণবিক বিদ্যুৎ কেন্দ্রসহ মেগা প্রকল্পগুলোতে অগ্রাধিকার দেওয়া হবে। সামাজিক নিরাপত্তা কর্মসূচির আওতা বাড়ানো হচ্ছে। শিক্ষা ও স্বাস্থ্য খাতে বরাদ্দ বৃদ্ধির প্রস্তাব থাকছে।

(প্রথম পৃষ্ঠার পর) হাজার কোটি টাকার বাজেট উপস্থাপন করবেন অর্থমন্ত্রী। আগামী অর্থবছরের বাজেটে রাজস্ব আদায়ের লক্ষ্যমাত্রা ধরা হয়েছে বিপুল অঙ্কের। অর্থনীতিবিদরা বলছেন, নির্বাচনী বছরে এ বাজেট বাস্তবায়ন সরকারের জন্য বড় চ্যালেঞ্জ। বাজেটে ঘাটতি পূরণে ব্যাংক ঋণ ও বৈদেশিক সহায়তার ওপর নির্ভর করতে হবে। মূল্যস্ফীতি নিয়ন্ত্রণে রাখা, বিনিয়োগ বৃদ্ধি এবং কর্মসংস্থান সৃষ্টির ওপর জোর দেওয়া হয়েছে। বাজেটে বার্ষিক উন্নয়ন কর্মসূচিতে বড় বরাদ্দ রাখা হয়েছে। পদ্মা সেতু, মেট্রোরেল, রূপপুর পারমাণবিক বিদ্যুৎ কেন্দ্রসহ মেগা প্রকল্পগুলোতে অগ্রাধিকার দেওয়া হবে। সামাজিক নিরাপত্তা কর্মসূচির আওতা বাড়ানো হচ্ছে। শিক্ষা ও স্বাস্থ্য খাতে বরাদ্দ বৃদ্ধির প্রস্তাব থাকছে।

হে আল্লাহ!

(প্রথম পৃষ্ঠার পর) বাবা-মা কে হারিয়ে শিশুটি এখন অসহায়। স্বজনরা জানান, দুর্ঘটনায় পরিবারের সব সদস্যকে হারিয়ে শিশুটি এখন একেবারে একা। হাসপাতালে চিকিৎসাধীন শিশুটি বারবার মা-বাবাকে খুঁজছে। এ দৃশ্য দেখে উপস্থিত কেউ চোখের পানি ধরে রাখতে পারেননি।

(প্রথম পৃষ্ঠার পর) বাবা-মা কে হারিয়ে শিশুটি এখন অসহায়। স্বজনরা জানান, দুর্ঘটনায় পরিবারের সব সদস্যকে হারিয়ে শিশুটি এখন একেবারে একা। হাসপাতালে চিকিৎসাধীন শিশুটি বারবার মা-বাবাকে খুঁজছে। এ দৃশ্য দেখে উপস্থিত কেউ চোখের পানি ধরে রাখতে পারেননি।

(প্রথম পৃষ্ঠার পর) বাবা-মা কে হারিয়ে শিশুটি এখন অসহায়। স্বজনরা জানান, দুর্ঘটনায় পরিবারের সব সদস্যকে হারিয়ে শিশুটি এখন একেবারে একা। হাসপাতালে চিকিৎসাধীন শিশুটি বারবার মা-বাবাকে খুঁজছে। এ দৃশ্য দেখে উপস্থিত কেউ চোখের পানি ধরে রাখতে পারেননি।

(প্রথম পৃষ্ঠার পর) বাবা-মা কে হারিয়ে শিশুটি এখন অসহায়। স্বজনরা জানান, দুর্ঘটনায় পরিবারের সব সদস্যকে হারিয়ে শিশুটি এখন একেবারে একা। হাসপাতালে চিকিৎসাধীন শিশুটি বারবার মা-বাবাকে খুঁজছে। এ দৃশ্য দেখে উপস্থিত কেউ চোখের পানি ধরে রাখতে পারেননি।

(প্রথম পৃষ্ঠার পর) বাবা-মা কে হারিয়ে শিশুটি এখন অসহায়। স্বজনরা জানান, দুর্ঘটনায় পরিবারের সব সদস্যকে হারিয়ে শিশুটি এখন একেবারে একা। হাসপাতালে চিকিৎসাধীন শিশুটি বারবার মা-বাবাকে খুঁজছে। এ দৃশ্য দেখে উপস্থিত কেউ চোখের পানি ধরে রাখতে পারেননি।

(প্রথম পৃষ্ঠার পর) বাবা-মা কে হারিয়ে শিশুটি এখন অসহায়। স্বজনরা জানান, দুর্ঘটনায় পরিবারের সব সদস্যকে হারিয়ে শিশুটি এখন একেবারে একা। হাসপাতালে চিকিৎসাধীন শিশুটি বারবার মা-বাবাকে খুঁজছে। এ দৃশ্য দেখে উপস্থিত কেউ চোখের পানি ধরে রাখতে পারেননি।

ঐতিহাসিক ছয় দফা দিবস আজ
নিজস্ব প্রতিবেদক

ঐতিহাসিক ছয় দফা দিবস আজ। ১৯৬৬ সালের এ দিনে জাতির পিতা বঙ্গবন্ধু শেখ মুজিবুর রহমান ঘোষিত বাঙালির মুক্তির সনদ ছয় দফার দাবিতে দেশব্যাপী তীব্র গণআন্দোলনের সূচনা হয়। এ আন্দোলনে পুলিশের গুলিতে শহীদ হন মনু মিয়াসহ অনেকে। ছয় দফা আন্দোলনের পথ ধরেই স্বাধিকার আন্দোলন এবং চূড়ান্ত পর্যায়ে মহান মুক্তিযুদ্ধের মাধ্যমে স্বাধীন বাংলাদেশের অভ্যুদয় ঘটে। দিবসটি উপলক্ষে রাষ্ট্রপতি ও প্রধানমন্ত্রী পৃথক বাণী দিয়েছেন।

ঐতিহাসিক ছয় দফা দিবস আজ। ১৯৬৬ সালের এ দিনে জাতির পিতা বঙ্গবন্ধু শেখ মুজিবুর রহমান ঘোষিত বাঙালির মুক্তির সনদ ছয় দফার দাবিতে দেশব্যাপী তীব্র গণআন্দোলনের সূচনা হয়। এ আন্দোলনে পুলিশের গুলিতে শহীদ হন মনু মিয়াসহ অনেকে। ছয় দফা আন্দোলনের পথ ধরেই স্বাধিকার আন্দোলন এবং চূড়ান্ত পর্যায়ে মহান মুক্তিযুদ্ধের মাধ্যমে স্বাধীন বাংলাদেশের অভ্যুদয় ঘটে। দিবসটি উপলক্ষে রাষ্ট্রপতি ও প্রধানমন্ত্রী পৃথক বাণী দিয়েছেন।

চাকরিতে প্রবেশের বয়সসীমা ৩৫ বছর করার আহ্বান

চাকরিতে প্রবেশের বয়সসীমা ৩৫ বছর করার দাবিতে মানববন্ধন করেছে চাকরি প্রত্যাশীরা। গতকাল জাতীয় প্রেস ক্লাবের সামনে এ কর্মসূচি পালিত হয়। বক্তারা বলেন, উন্নত বিশ্বের সঙ্গে সামঞ্জস্য রেখে বয়সসীমা বাড়ানো জরুরি।

চাকরিতে প্রবেশের বয়সসীমা ৩৫ বছর করার দাবিতে মানববন্ধন করেছে চাকরি প্রত্যাশীরা। গতকাল জাতীয় প্রেস ক্লাবের সামনে এ কর্মসূচি পালিত হয়। বক্তারা বলেন, উন্নত বিশ্বের সঙ্গে সামঞ্জস্য রেখে বয়সসীমা বাড়ানো জরুরি।

রাজধানীকে মাদকমুক্ত

(প্রথম পৃষ্ঠার পর) রাজধানীকে মাদকমুক্ত করতে বিশেষ অভিযান অব্যাহত রয়েছে। ঢাকা মহানগর পুলিশের কমিশনার বলেন, মাদকের সঙ্গে জড়িত কাউকে ছাড় দেওয়া হবে না। মাদকের বিরুদ্ধে সামাজিক আন্দোলন গড়ে তুলতে হবে।

(প্রথম পৃষ্ঠার পর) রাজধানীকে মাদকমুক্ত করতে বিশেষ অভিযান অব্যাহত রয়েছে। ঢাকা মহানগর পুলিশের কমিশনার বলেন, মাদকের সঙ্গে জড়িত কাউকে ছাড় দেওয়া হবে না। মাদকের বিরুদ্ধে সামাজিক আন্দোলন গড়ে তুলতে হবে।

বিদেশি কুকুরের

(শেষের পৃষ্ঠার পর) ইতিমধ্যে কুকুরগুলো দিয়ে চোরাচালান ও মাদক শনাক্ত করার প্রশিক্ষণ দেওয়া হচ্ছে। বিদেশ থেকে আনা প্রশিক্ষিত কুকুর বিমানবন্দর ও স্থলবন্দরে নিরাপত্তা তল্লাশিতে কাজে লাগানো হবে।

সমমনা দল নিয়ে

(প্রথম পৃষ্ঠার পর) দেশে ৩০০ আসনে প্রার্থী দেবে। আগামী জাতীয় সংসদ নির্বাচনকে সামনে রেখে সমমনা দলগুলোকে নিয়ে জোট গঠনের প্রক্রিয়া শুরু হয়েছে। দলের নীতিনির্ধারকরা বলছেন, নির্বাচনে অংশগ্রহণের বিষয়ে চূড়ান্ত সিদ্ধান্ত যথাসময়ে নেওয়া হবে। জোটের শরিকদের সঙ্গে আসন বণ্টন নিয়ে আলোচনা চলছে। নির্বাচনকালীন সরকার ব্যবস্থা নিয়ে দলগুলোর মধ্যে মতপার্থক্য রয়েছে।

(প্রথম পৃষ্ঠার পর) দেশে ৩০০ আসনে প্রার্থী দেবে। আগামী জাতীয় সংসদ নির্বাচনকে সামনে রেখে সমমনা দলগুলোকে নিয়ে জোট গঠনের প্রক্রিয়া শুরু হয়েছে। দলের নীতিনির্ধারকরা বলছেন, নির্বাচনে অংশগ্রহণের বিষয়ে চূড়ান্ত সিদ্ধান্ত যথাসময়ে নেওয়া হবে। জোটের শরিকদের সঙ্গে আসন বণ্টন নিয়ে আলোচনা চলছে। নির্বাচনকালীন সরকার ব্যবস্থা নিয়ে দলগুলোর মধ্যে মতপার্থক্য রয়েছে।

(প্রথম পৃষ্ঠার পর) দেশে ৩০০ আসনে প্রার্থী দেবে। আগামী জাতীয় সংসদ নির্বাচনকে সামনে রেখে সমমনা দলগুলোকে নিয়ে জোট গঠনের প্রক্রিয়া শুরু হয়েছে। দলের নীতিনির্ধারকরা বলছেন, নির্বাচনে অংশগ্রহণের বিষয়ে চূড়ান্ত সিদ্ধান্ত যথাসময়ে নেওয়া হবে। জোটের শরিকদের সঙ্গে আসন বণ্টন নিয়ে আলোচনা চলছে। নির্বাচনকালীন সরকার ব্যবস্থা নিয়ে দলগুলোর মধ্যে মতপার্থক্য রয়েছে।

(প্রথম পৃষ্ঠার পর) দেশে ৩০০ আসনে প্রার্থী দেবে। আগামী জাতীয় সংসদ নির্বাচনকে সামনে রেখে সমমনা দলগুলোকে নিয়ে জোট গঠনের প্রক্রিয়া শুরু হয়েছে। দলের নীতিনির্ধারকরা বলছেন, নির্বাচনে অংশগ্রহণের বিষয়ে চূড়ান্ত সিদ্ধান্ত যথাসময়ে নেওয়া হবে। জোটের শরিকদের সঙ্গে আসন বণ্টন নিয়ে আলোচনা চলছে। নির্বাচনকালীন সরকার ব্যবস্থা নিয়ে দলগুলোর মধ্যে মতপার্থক্য রয়েছে।

এরশাদের জোটে

(শেষের পৃষ্ঠার পর) জাতীয় পার্টির চেয়ারম্যান হুসেইন মুহম্মদ এরশাদের নেতৃত্বাধীন জোটে নতুন দলের যোগদান ঘটেছে। জোটের নেতারা বলেন, আগামী নির্বাচনে সম্মিলিতভাবে অংশ নেবে জোট। নির্বাচনী ইশতেহার প্রণয়নের কাজও চলছে।

(শেষের পৃষ্ঠার পর) জাতীয় পার্টির চেয়ারম্যান হুসেইন মুহম্মদ এরশাদের নেতৃত্বাধীন জোটে নতুন দলের যোগদান ঘটেছে। জোটের নেতারা বলেন, আগামী নির্বাচনে সম্মিলিতভাবে অংশ নেবে জোট। নির্বাচনী ইশতেহার প্রণয়নের কাজও চলছে।

বিশেষজ্ঞরা মনে করছেন, নির্বাচনকে ঘিরে রাজনৈতিক মেরুকরণ আরও স্পষ্ট হবে।

ইঞ্জিনিয়ারিং
মেডিকেল
ভার্সিটি 'ক'
চলমান ব্যাচে ভর্তি চলছে...
ঈদ পরবর্তী নতুন ব্যাচের
ক্লাস শুরু : ২৩ জুন
ঈদ উপলক্ষে অফিস বন্ধ ১০-১৯ জুন, ২০১৮
উদ্ভাস-উন্মেষ
০১৭১৩২৩৬৭৭০, ০১৭১৩২৩৬৭৮০
সরকার
গণপ্রজাতন্ত্রী বাংলাদেশ সরকার
কর কমিশনারের কার্যালয়
কর অঞ্চল-৭, ঢাকা।
২য় ১২ তলা সরকারী অফিস ভবন
(৪র্থ তলা), সেগুনবাগিচা, ঢাকা-১০০০।
www.taxeszone7.gov.bd
উৎসে আয়কর কর্তন/সংগ্রহ সংক্রান্ত বিজ্ঞপ্তি

কর অঞ্চল-৭, ঢাকা এর অধিক্ষেত্রাধীন সম্মানিত করদাতাগণের অবগতির জন্য জানানো যাচ্ছে যে, অত্র কর অঞ্চলের অধিক্ষেত্রাধীন সকল H, I এবং V আদ্যক্ষর বিশিষ্ট কোম্পানী সমূহ এবং ঢাকা সিভিল জেলায় অবস্থিত কোম্পানী শ্রেণীর বিউটি পার্লার এবং আবাসিক/অনাবাসিক হোটেল, রিসোর্ট, গেস্ট হাউস, রেস্ট হাউস, রেস্টুরেন্ট সমূহ কর্তৃক সব ধরনের উৎসে কর্তন ও সংগৃহীত কর, কর অঞ্চল-৭, ঢাকা এর অনুকূলে সরকারী কোষাগারে নিম্নরূপ কোডে জমা প্রদান করার বিধান রয়েছে ঃ-

কোম্পানী করদাতার নিকট থেকে উৎসে কর্তিত/সংগৃহীত কর জমা প্রদানের কোড	১-১১৪১-০০৩০-০১০১
ব্যক্তি করদাতার নিকট থেকে উৎসে কর্তিত/সংগৃহীত কর জমা প্রদানের কোড	১-১১৪১-০০৩০-০১১১

নির্ধারিত হারে এবং পদ্ধতিতে উৎসে কর কর্তন/সংগ্রহ করা না হলে অথবা নির্দিষ্ট সময়ের মধ্যে সঠিক হিসাব কোডে জমা প্রদান করতে ব্যর্থ হলে আয়কর অধ্যাদেশ, ১৯৮৪ অনুযায়ী জেল, জরিমানা সহ খরচ আদায় করার বিধান রয়েছে।

২. এতদ্বিষয়ে কোন তথ্যাদি/পরামর্শের প্রয়োজন হলে কর অঞ্চল- ৭ এর উপ কর কমিশনার, সদর দপ্তর (প্রশাসন), মোঃ শাহ আলম (ফোন ঃ ৮৮৩২ ২০৫০) অথবা উপ কর কমিশনার, সদর দপ্তর (প্রযোজিক), মোঃ আবু মুসা (ফোন ঃ ৯৩৩৭৭৭৬) এর সাথে যোগাযোগ করা যেতে পারে।

জাতীয় রাজস্ব আহরণে সংশ্লিষ্ট সকলের সহযোগিতা একান্তভাবে কাম্য।

রঞ্জন কুমার ভৌমিক
কর কমিশনার
কর অঞ্চল- ৭, ঢাকা
ফোন ঃ ৫৭১৬৩০৬৩
e-mail:zone7com@gmail.com
